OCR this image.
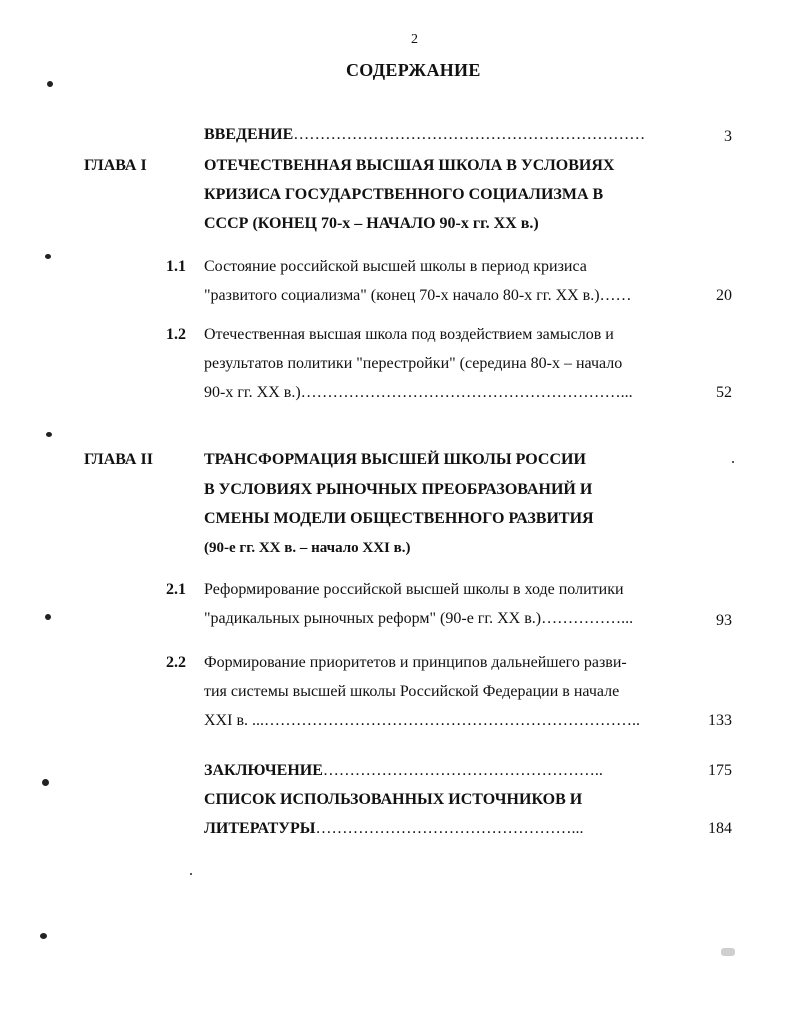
2
СОДЕРЖАНИЕ
ВВЕДЕНИЕ…………………………………………………………	3
ГЛАВА I	ОТЕЧЕСТВЕННАЯ ВЫСШАЯ ШКОЛА В УСЛОВИЯХ
КРИЗИСА ГОСУДАРСТВЕННОГО СОЦИАЛИЗМА В
СССР (КОНЕЦ 70-х – НАЧАЛО 90-х гг. XX в.)
1.1 Состояние российской высшей школы в период кризиса
"развитого социализма" (конец 70-х начало 80-х гг. XX в.)……	20
1.2 Отечественная высшая школа под воздействием замыслов и
результатов политики "перестройки" (середина 80-х – начало
90-х гг. XX в.)……………………………………………………...	52
ГЛАВА II	ТРАНСФОРМАЦИЯ ВЫСШЕЙ ШКОЛЫ РОССИИ
В УСЛОВИЯХ РЫНОЧНЫХ ПРЕОБРАЗОВАНИЙ И
СМЕНЫ МОДЕЛИ ОБЩЕСТВЕННОГО РАЗВИТИЯ
(90-е гг. XX в. – начало XXI в.)
2.1 Реформирование российской высшей школы в ходе политики
"радикальных рыночных реформ" (90-е гг. XX в.)……………...	93
2.2 Формирование приоритетов и принципов дальнейшего разви-
тия системы высшей школы Российской Федерации в начале
XXI в. ...……………………………………………………………..	133
ЗАКЛЮЧЕНИЕ……………………………………………..	175
СПИСОК ИСПОЛЬЗОВАННЫХ ИСТОЧНИКОВ И
ЛИТЕРАТУРЫ…………………………………………...	184
